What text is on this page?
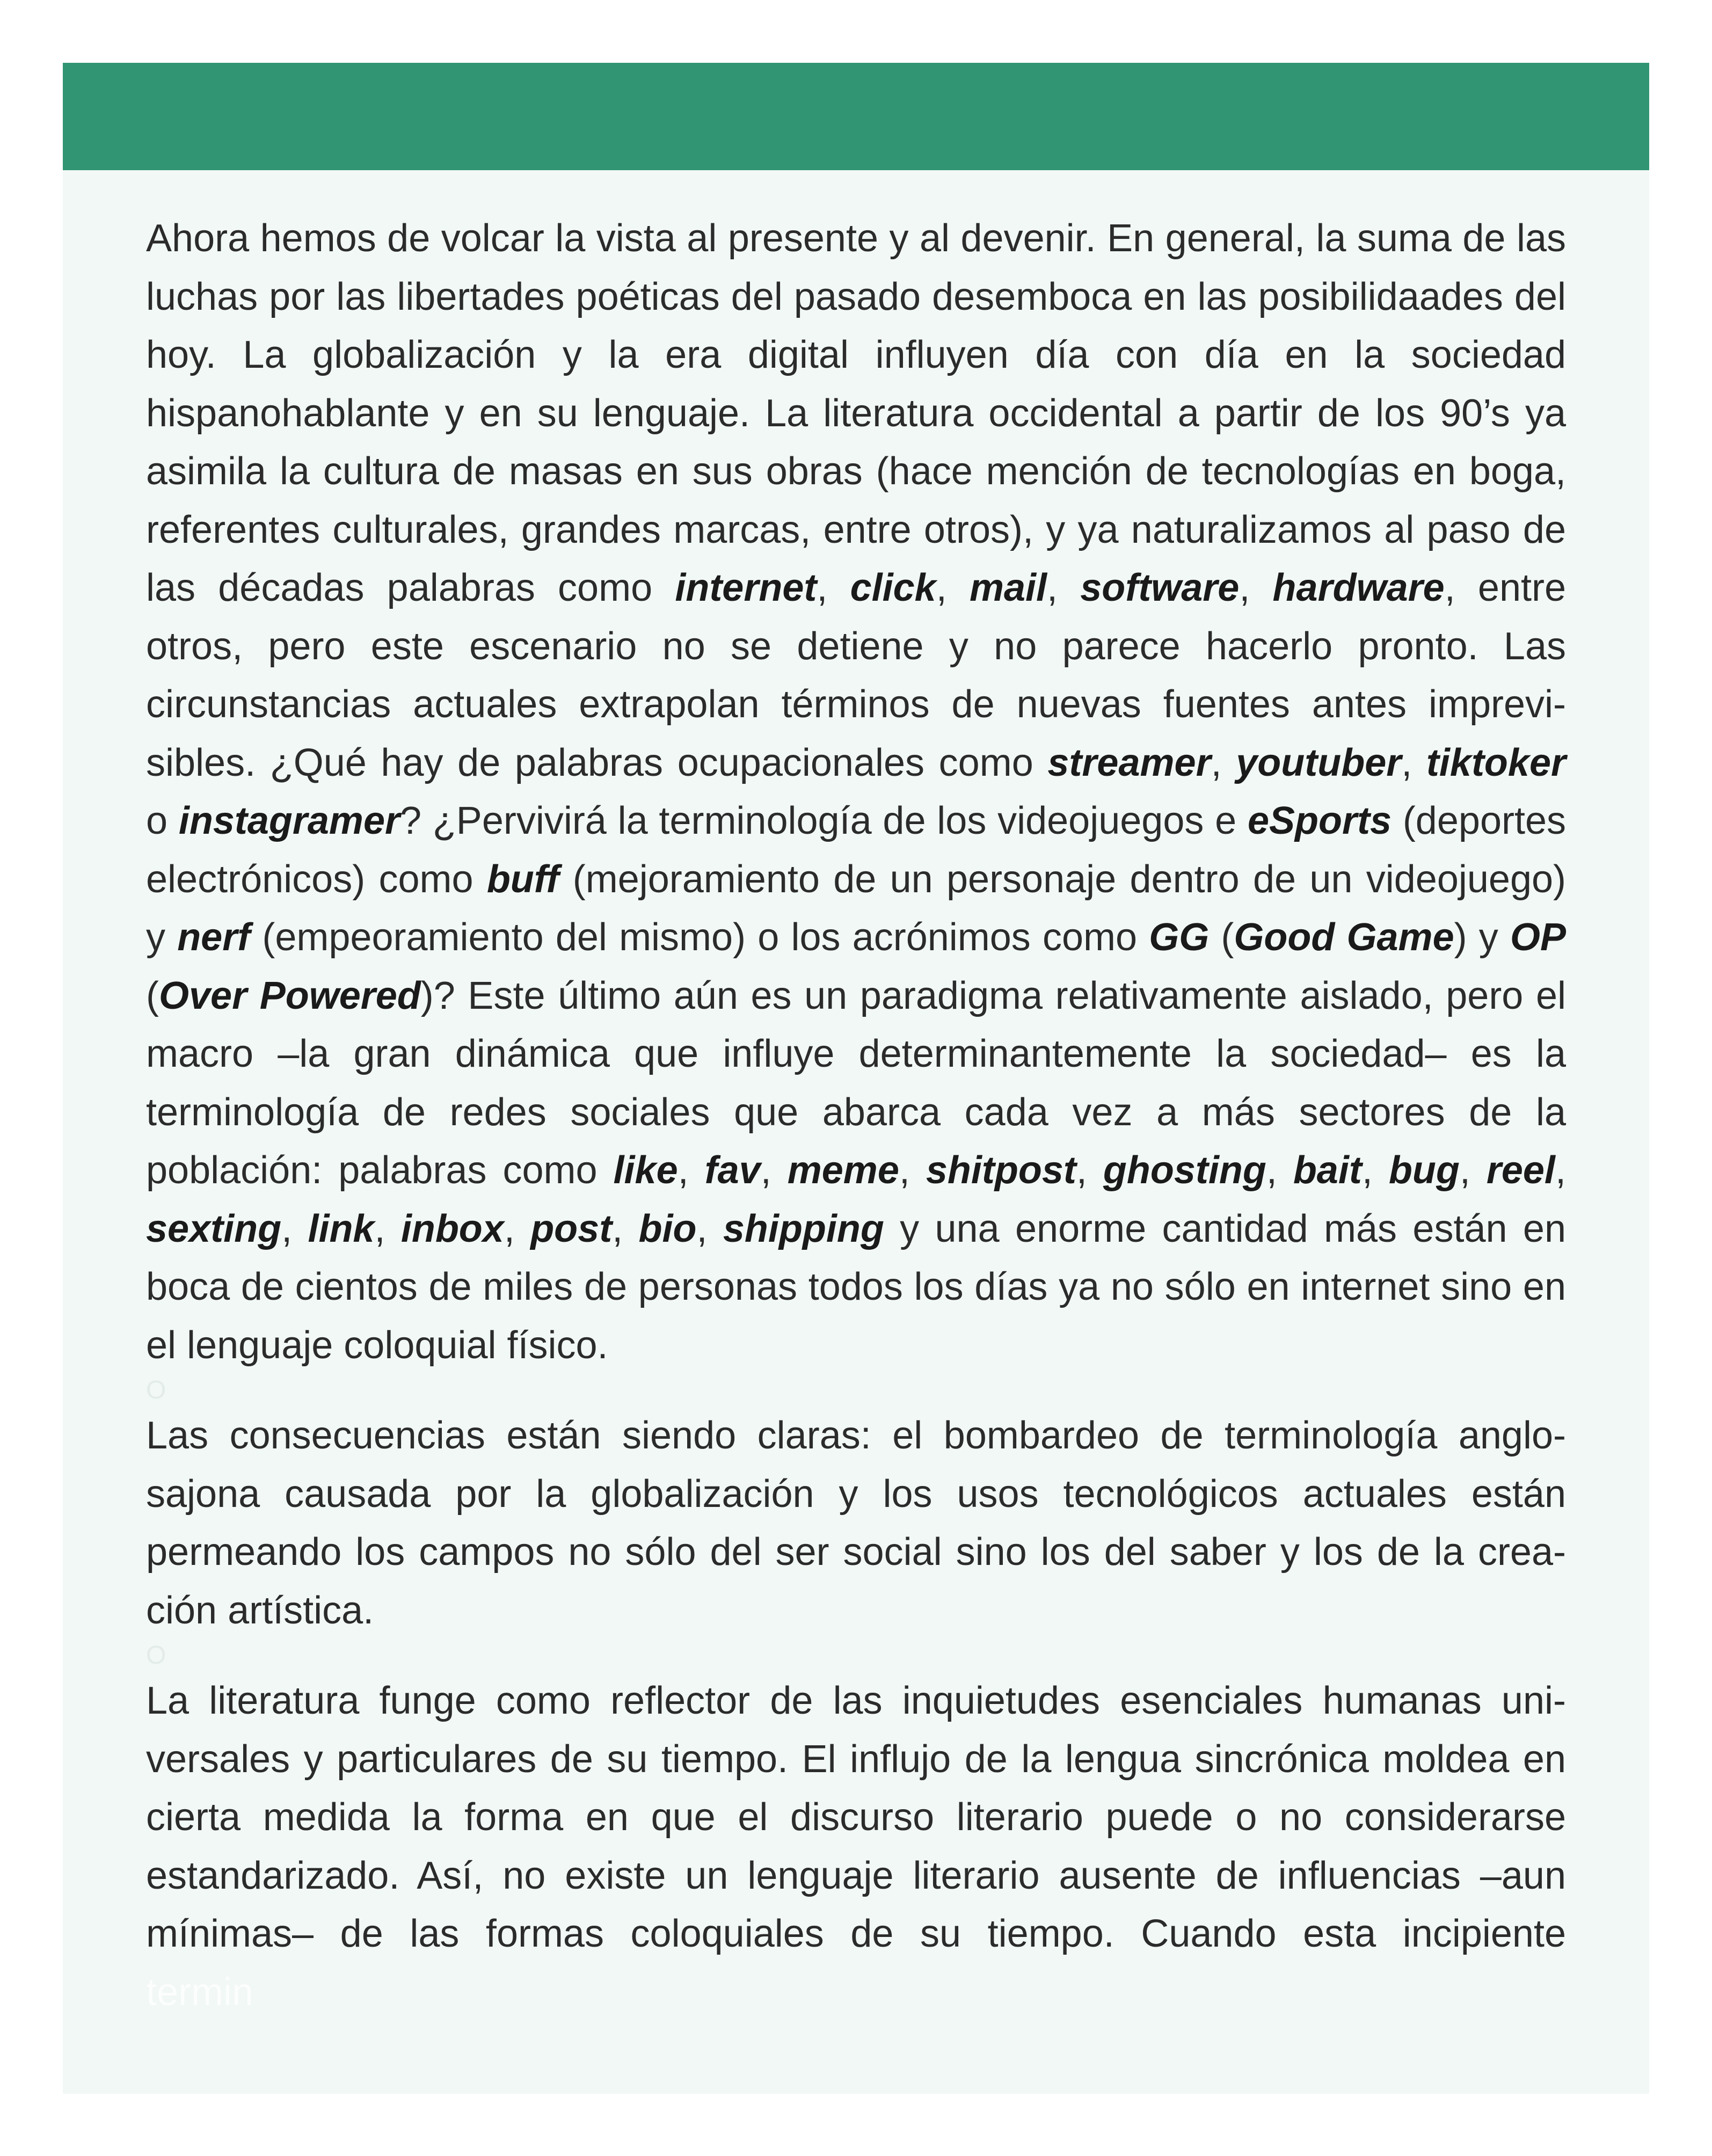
Ahora hemos de volcar la vista al presente y al devenir. En general, la suma de las luchas por las libertades poéticas del pasado desemboca en las posibilidaades del hoy. La globalización y la era digital influyen día con día en la sociedad hispanohablante y en su lenguaje. La literatura occidental a partir de los 90’s ya asimila la cultura de masas en sus obras (hace mención de tecnologías en boga, referentes culturales, grandes marcas, entre otros), y ya naturalizamos al paso de las décadas palabras como internet, click, mail, software, hardware, entre otros, pero este escenario no se detiene y no parece hacerlo pronto. Las circunstancias actuales extrapolan términos de nuevas fuentes antes imprevisibles. ¿Qué hay de palabras ocupacionales como streamer, youtuber, tiktoker o instagramer? ¿Pervivirá la terminología de los videojuegos e eSports (deportes electrónicos) como buff (mejoramiento de un personaje dentro de un videojuego) y nerf (empeoramiento del mismo) o los acrónimos como GG (Good Game) y OP (Over Powered)? Este último aún es un paradigma relativamente aislado, pero el macro –la gran dinámica que influye determinantemente la sociedad– es la terminología de redes sociales que abarca cada vez a más sectores de la población: palabras como like, fav, meme, shitpost, ghosting, bait, bug, reel, sexting, link, inbox, post, bio, shipping y una enorme cantidad más están en boca de cientos de miles de personas todos los días ya no sólo en internet sino en el lenguaje coloquial físico.

O

Las consecuencias están siendo claras: el bombardeo de terminología anglosajona causada por la globalización y los usos tecnológicos actuales están permeando los campos no sólo del ser social sino los del saber y los de la creación artística.

O

La literatura funge como reflector de las inquietudes esenciales humanas universales y particulares de su tiempo. El influjo de la lengua sincrónica moldea en cierta medida la forma en que el discurso literario puede o no considerarse estandarizado. Así, no existe un lenguaje literario ausente de influencias –aun mínimas– de las formas coloquiales de su tiempo. Cuando esta incipiente

termin
